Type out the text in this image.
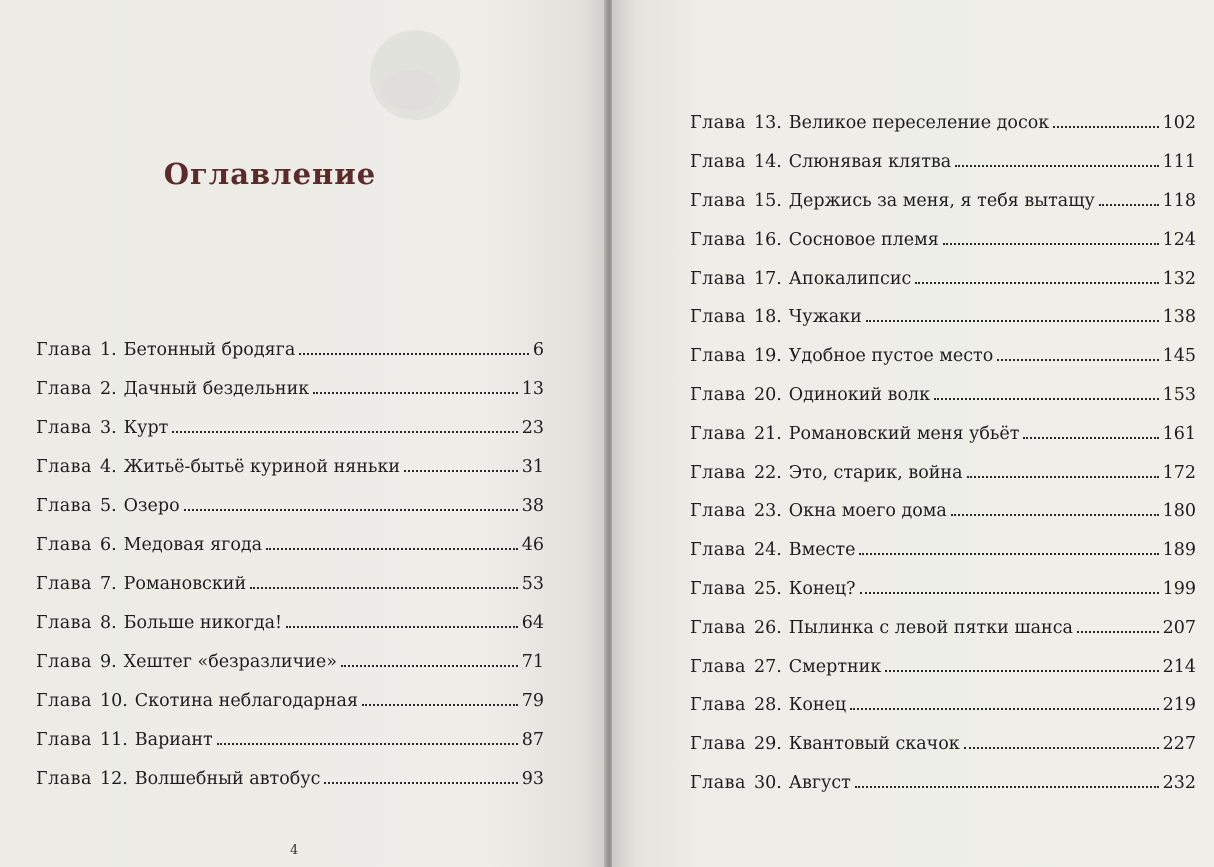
Оглавление
Глава 1. Бетонный бродяга	6
Глава 2. Дачный бездельник	13
Глава 3. Курт	23
Глава 4. Житьё-бытьё куриной няньки	31
Глава 5. Озеро	38
Глава 6. Медовая ягода	46
Глава 7. Романовский	53
Глава 8. Больше никогда!	64
Глава 9. Хештег «безразличие»	71
Глава 10. Скотина неблагодарная	79
Глава 11. Вариант	87
Глава 12. Волшебный автобус	93
4
Глава 13. Великое переселение досок	102
Глава 14. Слюнявая клятва	111
Глава 15. Держись за меня, я тебя вытащу	118
Глава 16. Сосновое племя	124
Глава 17. Апокалипсис	132
Глава 18. Чужаки	138
Глава 19. Удобное пустое место	145
Глава 20. Одинокий волк	153
Глава 21. Романовский меня убьёт	161
Глава 22. Это, старик, война	172
Глава 23. Окна моего дома	180
Глава 24. Вместе	189
Глава 25. Конец?	199
Глава 26. Пылинка с левой пятки шанса	207
Глава 27. Смертник	214
Глава 28. Конец	219
Глава 29. Квантовый скачок	227
Глава 30. Август	232
